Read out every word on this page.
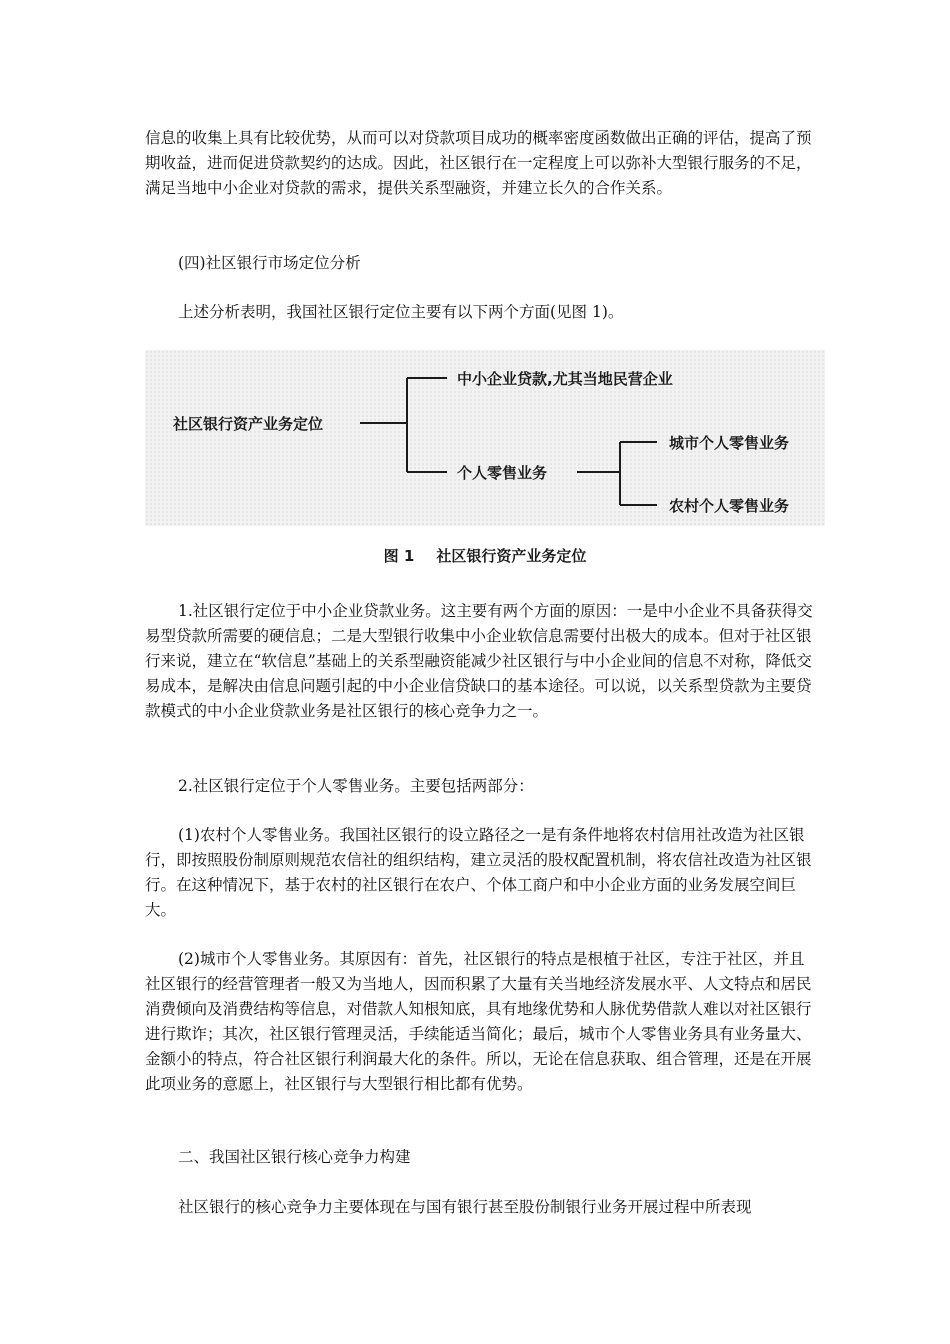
信息的收集上具有比较优势，从而可以对贷款项目成功的概率密度函数做出正确的评估，提高了预期收益，进而促进贷款契约的达成。因此，社区银行在一定程度上可以弥补大型银行服务的不足，满足当地中小企业对贷款的需求，提供关系型融资，并建立长久的合作关系。

(四)社区银行市场定位分析

上述分析表明，我国社区银行定位主要有以下两个方面(见图 1)。

社区银行资产业务定位
中小企业贷款,尤其当地民营企业
个人零售业务
城市个人零售业务
农村个人零售业务
图 1 社区银行资产业务定位

1.社区银行定位于中小企业贷款业务。这主要有两个方面的原因：一是中小企业不具备获得交易型贷款所需要的硬信息；二是大型银行收集中小企业软信息需要付出极大的成本。但对于社区银行来说，建立在“软信息”基础上的关系型融资能减少社区银行与中小企业间的信息不对称，降低交易成本，是解决由信息问题引起的中小企业信贷缺口的基本途径。可以说，以关系型贷款为主要贷款模式的中小企业贷款业务是社区银行的核心竞争力之一。

2.社区银行定位于个人零售业务。主要包括两部分：

(1)农村个人零售业务。我国社区银行的设立路径之一是有条件地将农村信用社改造为社区银行，即按照股份制原则规范农信社的组织结构，建立灵活的股权配置机制，将农信社改造为社区银行。在这种情况下，基于农村的社区银行在农户、个体工商户和中小企业方面的业务发展空间巨大。

(2)城市个人零售业务。其原因有：首先，社区银行的特点是根植于社区，专注于社区，并且社区银行的经营管理者一般又为当地人，因而积累了大量有关当地经济发展水平、人文特点和居民消费倾向及消费结构等信息，对借款人知根知底，具有地缘优势和人脉优势借款人难以对社区银行进行欺诈；其次，社区银行管理灵活，手续能适当简化；最后，城市个人零售业务具有业务量大、金额小的特点，符合社区银行利润最大化的条件。所以，无论在信息获取、组合管理，还是在开展此项业务的意愿上，社区银行与大型银行相比都有优势。

二、我国社区银行核心竞争力构建

社区银行的核心竞争力主要体现在与国有银行甚至股份制银行业务开展过程中所表现
